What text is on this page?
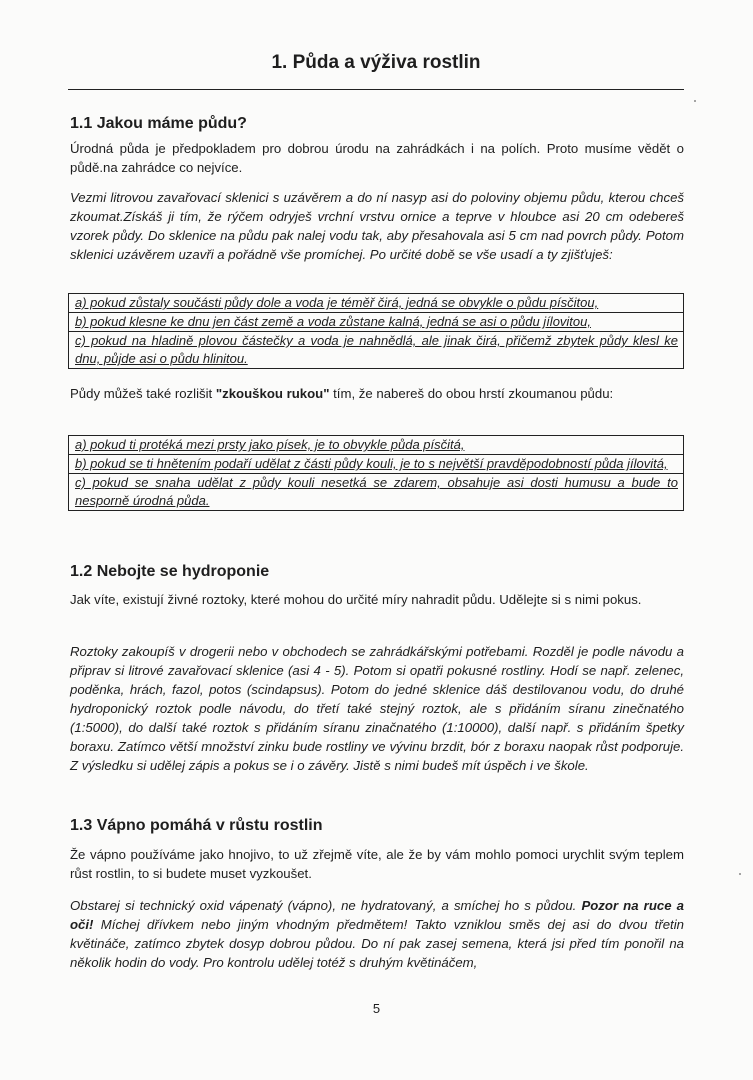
1. Půda a výživa rostlin
1.1 Jakou máme půdu?
Úrodná půda je předpokladem pro dobrou úrodu na zahrádkách i na polích. Proto musíme vědět o půdě.na zahrádce co nejvíce.
Vezmi litrovou zavařovací sklenici s uzávěrem a do ní nasyp asi do poloviny objemu půdu, kterou chceš zkoumat.Získáš ji tím, že rýčem odryješ vrchní vrstvu ornice a teprve v hloubce asi 20 cm odebereš vzorek půdy. Do sklenice na půdu pak nalej vodu tak, aby přesahovala asi 5 cm nad povrch půdy. Potom sklenici uzávěrem uzavři a pořádně vše promíchej. Po určité době se vše usadí a ty zjišťuješ:
a) pokud zůstaly součásti půdy dole a voda je téměř čirá, jedná se obvykle o půdu písčitou,
b) pokud klesne ke dnu jen část země a voda zůstane kalná, jedná se asi o půdu jílovitou,
c) pokud na hladině plovou částečky a voda je nahnědlá, ale jinak čirá, přičemž zbytek půdy klesl ke dnu, půjde asi o půdu hlinitou.
Půdy můžeš také rozlišit "zkouškou rukou" tím, že nabereš do obou hrstí zkoumanou půdu:
a) pokud ti protéká mezi prsty jako písek, je to obvykle půda písčitá,
b) pokud se ti hnětením podaří udělat z části půdy kouli, je to s největší pravděpodobností půda jílovitá,
c) pokud se snaha udělat z půdy kouli nesetká se zdarem, obsahuje asi dosti humusu a bude to nesporně úrodná půda.
1.2 Nebojte se hydroponie
Jak víte, existují živné roztoky, které mohou do určité míry nahradit půdu. Udělejte si s nimi pokus.
Roztoky zakoupíš v drogerii nebo v obchodech se zahrádkářskými potřebami. Rozděl je podle návodu a připrav si litrové zavařovací sklenice (asi 4 - 5). Potom si opatři pokusné rostliny. Hodí se např. zelenec, poděnka, hrách, fazol, potos (scindapsus). Potom do jedné sklenice dáš destilovanou vodu, do druhé hydroponický roztok podle návodu, do třetí také stejný roztok, ale s přidáním síranu zinečnatého (1:5000), do další také roztok s přidáním síranu zinačnatého (1:10000), další např. s přidáním špetky boraxu. Zatímco větší množství zinku bude rostliny ve vývinu brzdit, bór z boraxu naopak růst podporuje. Z výsledku si udělej zápis a pokus se i o závěry. Jistě s nimi budeš mít úspěch i ve škole.
1.3 Vápno pomáhá v růstu rostlin
Že vápno používáme jako hnojivo, to už zřejmě víte, ale že by vám mohlo pomoci urychlit svým teplem růst rostlin, to si budete muset vyzkoušet.
Obstarej si technický oxid vápenatý (vápno), ne hydratovaný, a smíchej ho s půdou. Pozor na ruce a oči! Míchej dřívkem nebo jiným vhodným předmětem! Takto vzniklou směs dej asi do dvou třetin květináče, zatímco zbytek dosyp dobrou půdou. Do ní pak zasej semena, která jsi před tím ponořil na několik hodin do vody. Pro kontrolu udělej totéž s druhým květináčem,
5
